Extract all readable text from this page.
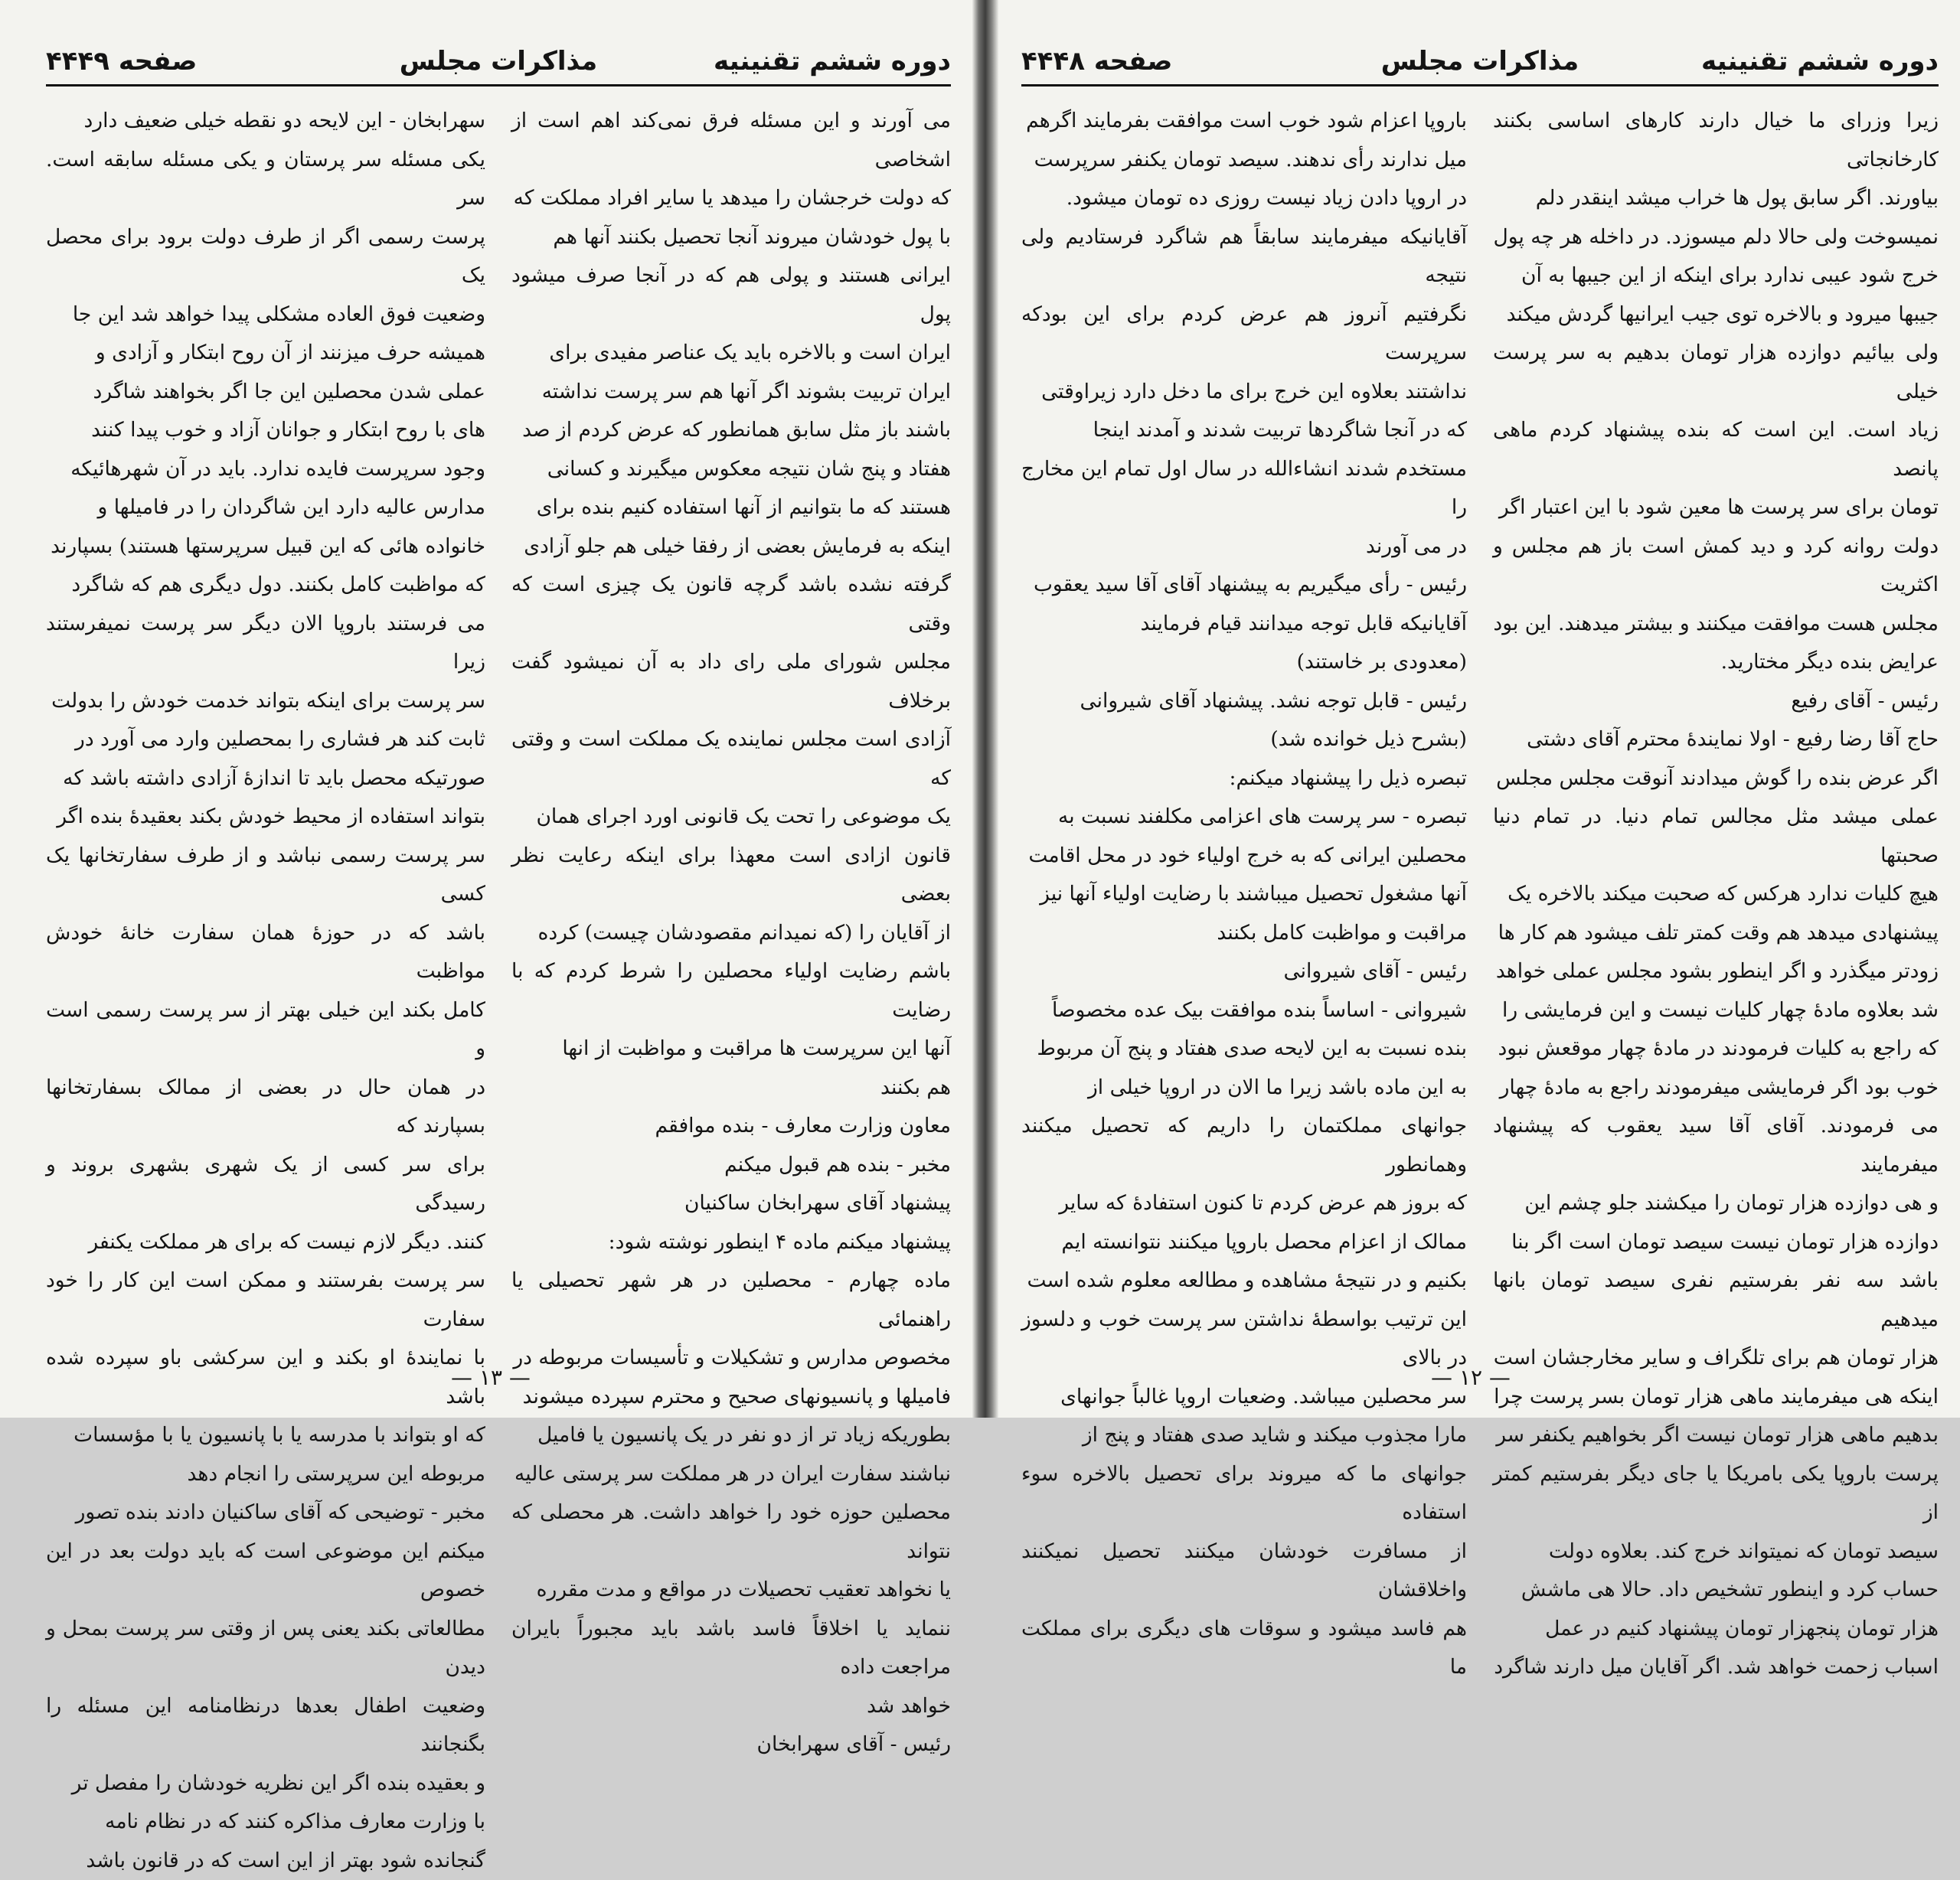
صفحه ۴۴۴۹	مذاکرات مجلس	دوره ششم تقنینیه

می آورند و این مسئله فرق نمی‌کند اهم است از اشخاصی

که دولت خرجشان را میدهد یا سایر افراد مملکت که

با پول خودشان میروند آنجا تحصیل بکنند آنها هم

ایرانی هستند و پولی هم که در آنجا صرف میشود پول

ایران است و بالاخره باید یک عناصر مفیدی برای

ایران تربیت بشوند اگر آنها هم سر پرست نداشته

باشند باز مثل سابق همانطور که عرض کردم از صد

هفتاد و پنج شان نتیجه معکوس میگیرند و کسانی

هستند که ما بتوانیم از آنها استفاده کنیم بنده برای

اینکه به فرمایش بعضی از رفقا خیلی هم جلو آزادی

گرفته نشده باشد گرچه قانون یک چیزی است که وقتی

مجلس شورای ملی رای داد به آن نمیشود گفت برخلاف

آزادی است مجلس نماینده یک مملکت است و وقتی که

یک موضوعی را تحت یک قانونی اورد اجرای همان

قانون ازادی است معهذا برای اینکه رعایت نظر بعضی

از آقایان را (که نمیدانم مقصودشان چیست) کرده

باشم رضایت اولیاء محصلین را شرط کردم که با رضایت

آنها این سرپرست ها مراقبت و مواظبت از انها

هم بکنند

معاون وزارت معارف - بنده موافقم

مخبر - بنده هم قبول میکنم

پیشنهاد آقای سهرابخان ساکنیان

پیشنهاد میکنم ماده ۴ اینطور نوشته شود:

ماده چهارم - محصلین در هر شهر تحصیلی یا راهنمائی

مخصوص مدارس و تشکیلات و تأسیسات مربوطه در

فامیلها و پانسیونهای صحیح و محترم سپرده میشوند

بطوریکه زیاد تر از دو نفر در یک پانسیون یا فامیل

نباشند سفارت ایران در هر مملکت سر پرستی عالیه

محصلین حوزه خود را خواهد داشت. هر محصلی که نتواند

یا نخواهد تعقیب تحصیلات در مواقع و مدت مقرره

ننماید یا اخلاقاً فاسد باشد باید مجبوراً بایران مراجعت داده

خواهد شد

رئیس - آقای سهرابخان

سهرابخان - این لایحه دو نقطه خیلی ضعیف دارد

یکی مسئله سر پرستان و یکی مسئله سابقه است. سر

پرست رسمی اگر از طرف دولت برود برای محصل یک

وضعیت فوق العاده مشکلی پیدا خواهد شد این جا

همیشه حرف میزنند از آن روح ابتکار و آزادی و

عملی شدن محصلین این جا اگر بخواهند شاگرد

های با روح ابتکار و جوانان آزاد و خوب پیدا کنند

وجود سرپرست فایده ندارد. باید در آن شهرهائیکه

مدارس عالیه دارد این شاگردان را در فامیلها و

خانواده هائی که این قبیل سرپرستها هستند) بسپارند

که مواظبت کامل بکنند. دول دیگری هم که شاگرد

می فرستند باروپا الان دیگر سر پرست نمیفرستند زیرا

سر پرست برای اینکه بتواند خدمت خودش را بدولت

ثابت کند هر فشاری را بمحصلین وارد می آورد در

صورتیکه محصل باید تا اندازهٔ آزادی داشته باشد که

بتواند استفاده از محیط خودش بکند بعقیدهٔ بنده اگر

سر پرست رسمی نباشد و از طرف سفارتخانها یک کسی

باشد که در حوزهٔ همان سفارت خانهٔ خودش مواظبت

کامل بکند این خیلی بهتر از سر پرست رسمی است و

در همان حال در بعضی از ممالک بسفارتخانها بسپارند که

برای سر کسی از یک شهری بشهری بروند و رسیدگی

کنند. دیگر لازم نیست که برای هر مملکت یکنفر

سر پرست بفرستند و ممکن است این کار را خود سفارت

با نمایندهٔ او بکند و این سرکشی باو سپرده شده باشد

که او بتواند با مدرسه یا با پانسیون یا با مؤسسات

مربوطه این سرپرستی را انجام دهد

مخبر - توضیحی که آقای ساکنیان دادند بنده تصور

میکنم این موضوعی است که باید دولت بعد در این خصوص

مطالعاتی بکند یعنی پس از وقتی سر پرست بمحل و دیدن

وضعیت اطفال بعدها درنظامنامه این مسئله را بگنجانند

و بعقیده بنده اگر این نظریه خودشان را مفصل تر

با وزارت معارف مذاکره کنند که در نظام نامه

گنجانده شود بهتر از این است که در قانون باشد

— ۱۳ —
صفحه ۴۴۴۸	مذاکرات مجلس	دوره ششم تقنینیه

زیرا وزرای ما خیال دارند کارهای اساسی بکنند کارخانجاتی

بیاورند. اگر سابق پول ها خراب میشد اینقدر دلم

نمیسوخت ولی حالا دلم میسوزد. در داخله هر چه پول

خرج شود عیبی ندارد برای اینکه از این جیبها به آن

جیبها میرود و بالاخره توی جیب ایرانیها گردش میکند

ولی بیائیم دوازده هزار تومان بدهیم به سر پرست خیلی

زیاد است. این است که بنده پیشنهاد کردم ماهی پانصد

تومان برای سر پرست ها معین شود با این اعتبار اگر

دولت روانه کرد و دید کمش است باز هم مجلس و اکثریت

مجلس هست موافقت میکنند و بیشتر میدهند. این بود

عرایض بنده دیگر مختارید.

رئیس - آقای رفیع

حاج آقا رضا رفیع - اولا نمایندهٔ محترم آقای دشتی

اگر عرض بنده را گوش میدادند آنوقت مجلس مجلس

عملی میشد مثل مجالس تمام دنیا. در تمام دنیا صحبتها

هیچ کلیات ندارد هرکس که صحبت میکند بالاخره یک

پیشنهادی میدهد هم وقت کمتر تلف میشود هم کار ها

زودتر میگذرد و اگر اینطور بشود مجلس عملی خواهد

شد بعلاوه مادهٔ چهار کلیات نیست و این فرمایشی را

که راجع به کلیات فرمودند در مادهٔ چهار موقعش نبود

خوب بود اگر فرمایشی میفرمودند راجع به مادهٔ چهار

می فرمودند. آقای آقا سید یعقوب که پیشنهاد میفرمایند

و هی دوازده هزار تومان را میکشند جلو چشم این

دوازده هزار تومان نیست سیصد تومان است اگر بنا

باشد سه نفر بفرستیم نفری سیصد تومان بانها میدهیم

هزار تومان هم برای تلگراف و سایر مخارجشان است

اینکه هی میفرمایند ماهی هزار تومان بسر پرست چرا

بدهیم ماهی هزار تومان نیست اگر بخواهیم یکنفر سر

پرست باروپا یکی بامریکا یا جای دیگر بفرستیم کمتر از

سیصد تومان که نمیتواند خرج کند. بعلاوه دولت

حساب کرد و اینطور تشخیص داد. حالا هی ماشش

هزار تومان پنجهزار تومان پیشنهاد کنیم در عمل

اسباب زحمت خواهد شد. اگر آقایان میل دارند شاگرد

باروپا اعزام شود خوب است موافقت بفرمایند اگرهم

میل ندارند رأی ندهند. سیصد تومان یکنفر سرپرست

در اروپا دادن زیاد نیست روزی ده تومان میشود.

آقایانیکه میفرمایند سابقاً هم شاگرد فرستادیم ولی نتیجه

نگرفتیم آنروز هم عرض کردم برای این بودکه سرپرست

نداشتند بعلاوه این خرج برای ما دخل دارد زیراوقتی

که در آنجا شاگردها تربیت شدند و آمدند اینجا

مستخدم شدند انشاءالله در سال اول تمام این مخارج را

در می آورند

رئیس - رأی میگیریم به پیشنهاد آقای آقا سید یعقوب

آقایانیکه قابل توجه میدانند قیام فرمایند

(معدودی بر خاستند)

رئیس - قابل توجه نشد. پیشنهاد آقای شیروانی

(بشرح ذیل خوانده شد)

تبصره ذیل را پیشنهاد میکنم:

تبصره - سر پرست های اعزامی مکلفند نسبت به

محصلین ایرانی که به خرج اولیاء خود در محل اقامت

آنها مشغول تحصیل میباشند با رضایت اولیاء آنها نیز

مراقبت و مواظبت کامل بکنند

رئیس - آقای شیروانی

شیروانی - اساساً بنده موافقت بیک عده مخصوصاً

بنده نسبت به این لایحه صدی هفتاد و پنج آن مربوط

به این ماده باشد زیرا ما الان در اروپا خیلی از

جوانهای مملکتمان را داریم که تحصیل میکنند وهمانطور

که بروز هم عرض کردم تا کنون استفادهٔ که سایر

ممالک از اعزام محصل باروپا میکنند نتوانسته ایم

بکنیم و در نتیجهٔ مشاهده و مطالعه معلوم شده است

این ترتیب بواسطهٔ نداشتن سر پرست خوب و دلسوز در بالای

سر محصلین میباشد. وضعیات اروپا غالباً جوانهای

مارا مجذوب میکند و شاید صدی هفتاد و پنج از

جوانهای ما که میروند برای تحصیل بالاخره سوء استفاده

از مسافرت خودشان میکنند تحصیل نمیکنند واخلاقشان

هم فاسد میشود و سوقات های دیگری برای مملکت ما

— ۱۲ —
